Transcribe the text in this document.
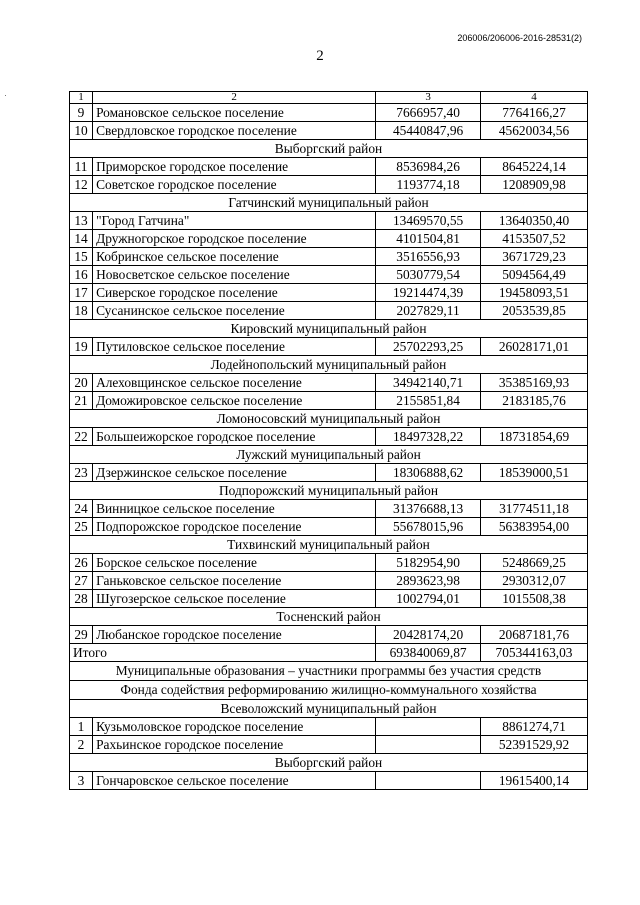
206006/206006-2016-28531(2)
2
1	2	3	4
9	Романовское сельское поселение	7666957,40	7764166,27
10	Свердловское городское поселение	45440847,96	45620034,56
Выборгский район			
11	Приморское городское поселение	8536984,26	8645224,14
12	Советское городское поселение	1193774,18	1208909,98
Гатчинский муниципальный район			
13	"Город Гатчина"	13469570,55	13640350,40
14	Дружногорское городское поселение	4101504,81	4153507,52
15	Кобринское сельское поселение	3516556,93	3671729,23
16	Новосветское сельское поселение	5030779,54	5094564,49
17	Сиверское городское поселение	19214474,39	19458093,51
18	Сусанинское сельское поселение	2027829,11	2053539,85
Кировский муниципальный район			
19	Путиловское сельское поселение	25702293,25	26028171,01
Лодейнопольский муниципальный район			
20	Алеховщинское сельское поселение	34942140,71	35385169,93
21	Доможировское сельское поселение	2155851,84	2183185,76
Ломоносовский муниципальный район			
22	Большеижорское городское поселение	18497328,22	18731854,69
Лужский муниципальный район			
23	Дзержинское сельское поселение	18306888,62	18539000,51
Подпорожский муниципальный район			
24	Винницкое сельское поселение	31376688,13	31774511,18
25	Подпорожское городское поселение	55678015,96	56383954,00
Тихвинский муниципальный район			
26	Борское сельское поселение	5182954,90	5248669,25
27	Ганьковское сельское поселение	2893623,98	2930312,07
28	Шугозерское сельское поселение	1002794,01	1015508,38
Тосненский район			
29	Любанское городское поселение	20428174,20	20687181,76
Итого		693840069,87	705344163,03
Муниципальные образования – участники программы без участия средств			
Фонда содействия реформированию жилищно-коммунального хозяйства			
Всеволожский муниципальный район			
1	Кузьмоловское городское поселение		8861274,71
2	Рахьинское городское поселение		52391529,92
Выборгский район			
3	Гончаровское сельское поселение		19615400,14
